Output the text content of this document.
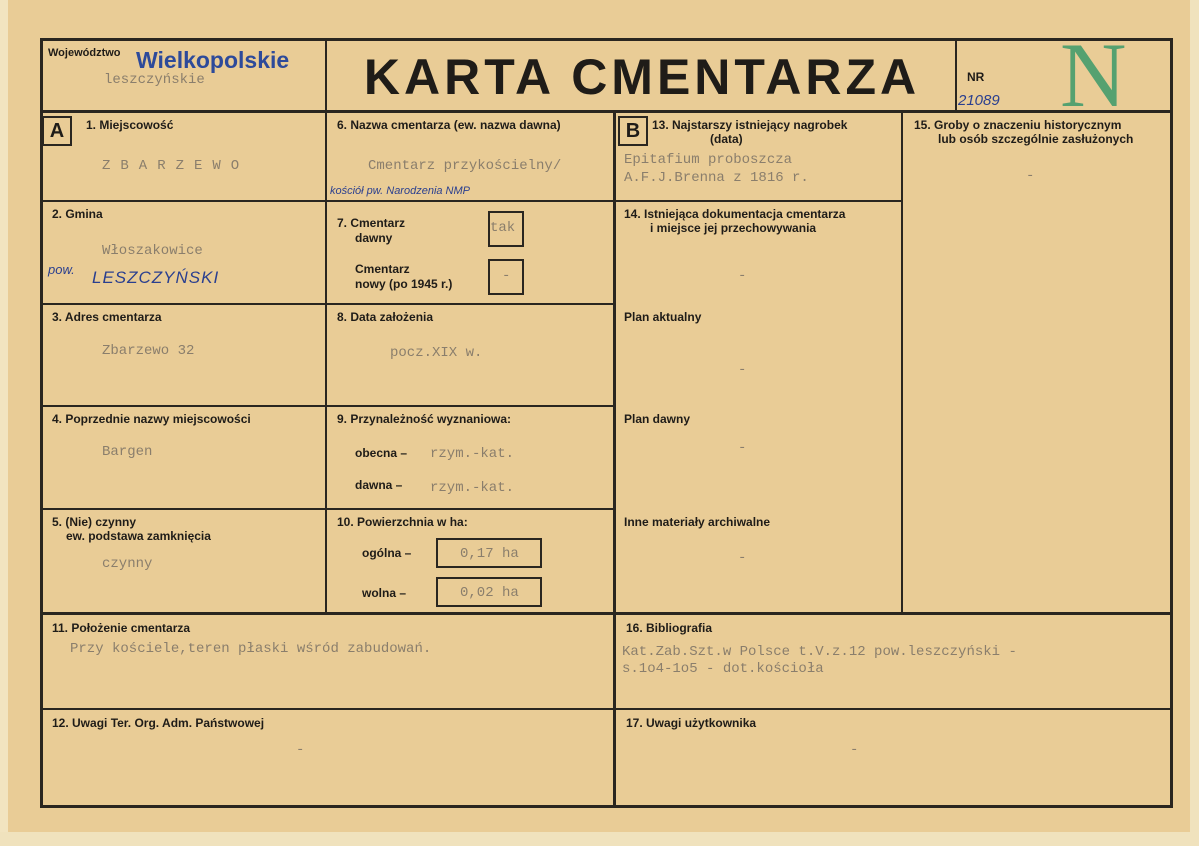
Województwo Wielkopolskie
leszczyńskie	KARTA CMENTARZA	NR
21089 N
A	1. Miejscowość
ZBARZEWO
2. Gmina
Włoszakowice
pow. LESZCZYŃSKI
3. Adres cmentarza
Zbarzewo 32
4. Poprzednie nazwy miejscowości
Bargen
5. (Nie) czynny
ew. podstawa zamknięcia
czynny
6. Nazwa cmentarza (ew. nazwa dawna)
Cmentarz przykościelny/
kościół pw. Narodzenia NMP
7. Cmentarz
dawny
tak
Cmentarz
nowy (po 1945 r.)	-
8. Data założenia
pocz.XIX w.
9. Przynależność wyznaniowa:
obecna – rzym.-kat.
dawna – rzym.-kat.
10. Powierzchnia w ha:
ogólna –	0,17 ha
wolna –	0,02 ha
B 13. Najstarszy istniejący nagrobek
(data)
Epitafium proboszcza
A.F.J.Brenna z 1816 r.
14. Istniejąca dokumentacja cmentarza
i miejsce jej przechowywania
-
Plan aktualny
-
Plan dawny
-
Inne materiały archiwalne
-
15. Groby o znaczeniu historycznym
lub osób szczególnie zasłużonych
-
11. Położenie cmentarza
Przy kościele,teren płaski wśród zabudowań.
16. Bibliografia
Kat.Zab.Szt.w Polsce t.V.z.12 pow.leszczyński -
s.1o4-1o5 - dot.kościoła
12. Uwagi Ter. Org. Adm. Państwowej
-
17. Uwagi użytkownika
-
